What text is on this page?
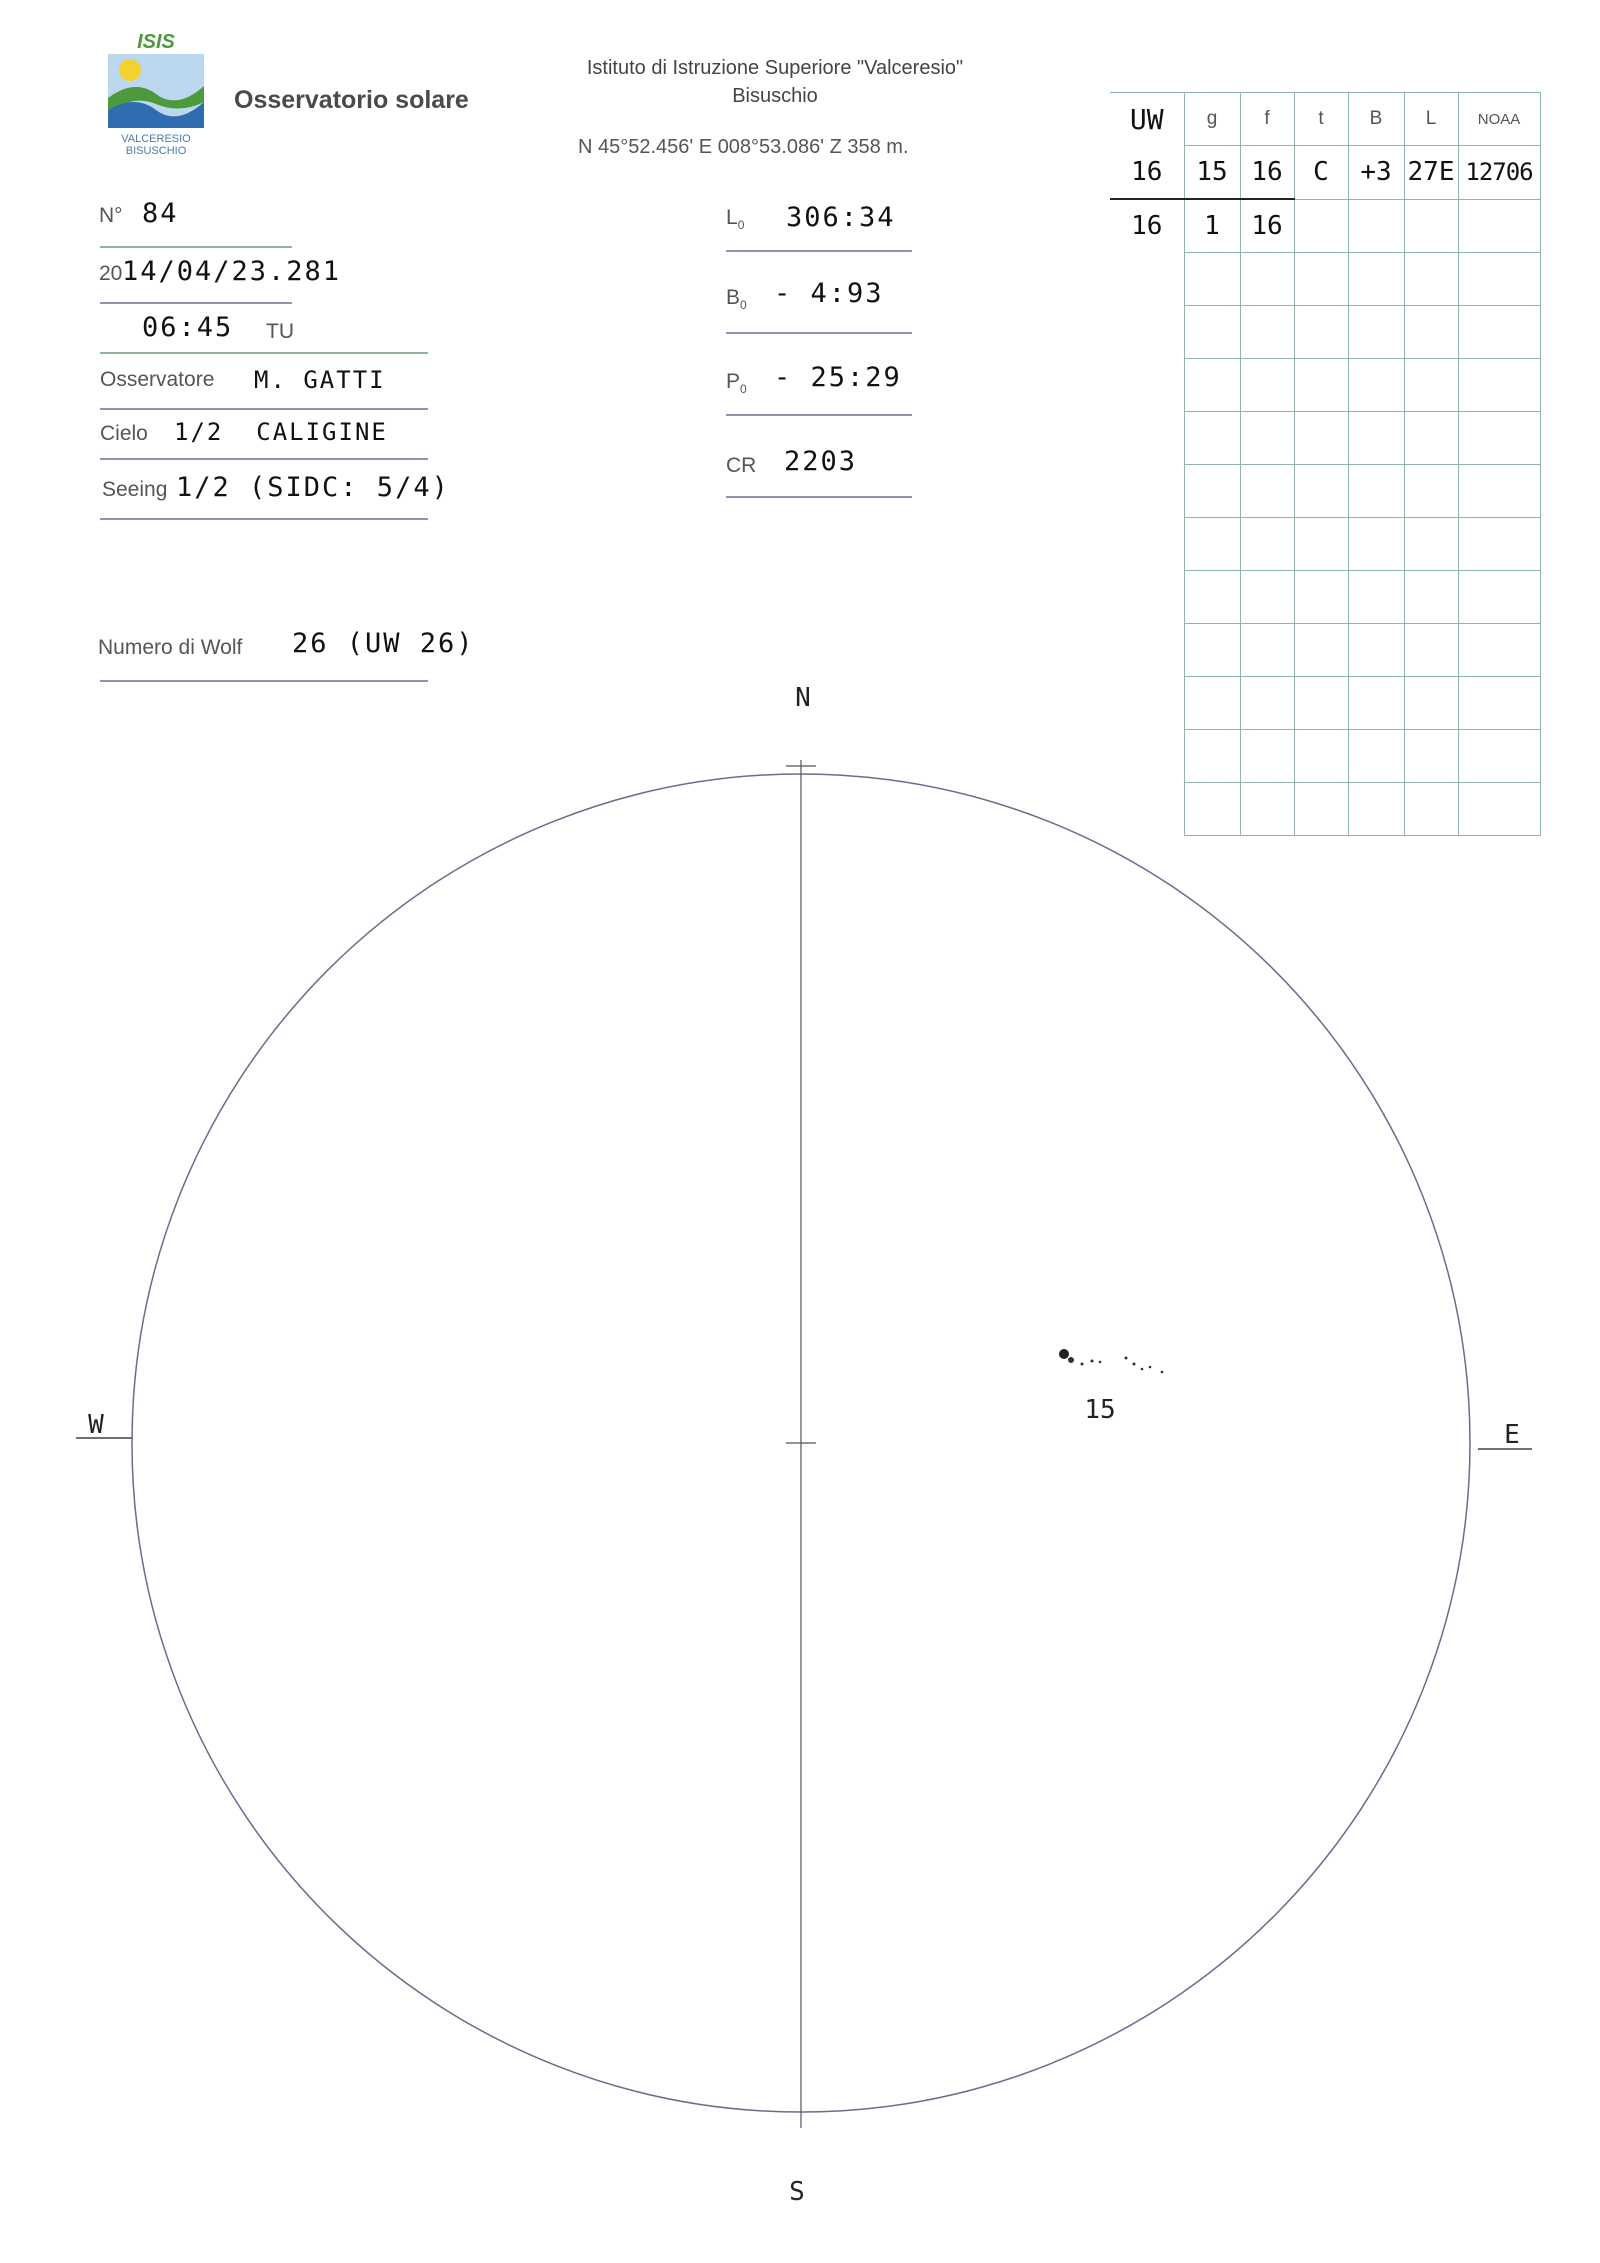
ISIS
VALCERESIO
BISUSCHIO
Osservatorio solare
Istituto di Istruzione Superiore "Valceresio"
Bisuschio
N 45°52.456' E 008°53.086' Z 358 m.
N° 84
20 14/04/23.281
06:45 TU
Osservatore M. GATTI
Cielo 1/2  CALIGINE
Seeing 1/2 (SIDC: 5/4)
Numero di Wolf 26 (UW 26)
$L_0$ 306:34
$B_0$ - 4:93
$P_0$ - 25:29
CR 2203
UW	g	f	t	B	L	NOAA
16	15	16	C	+3	27E	12706
16	1	16				

N
S
E
W	15
